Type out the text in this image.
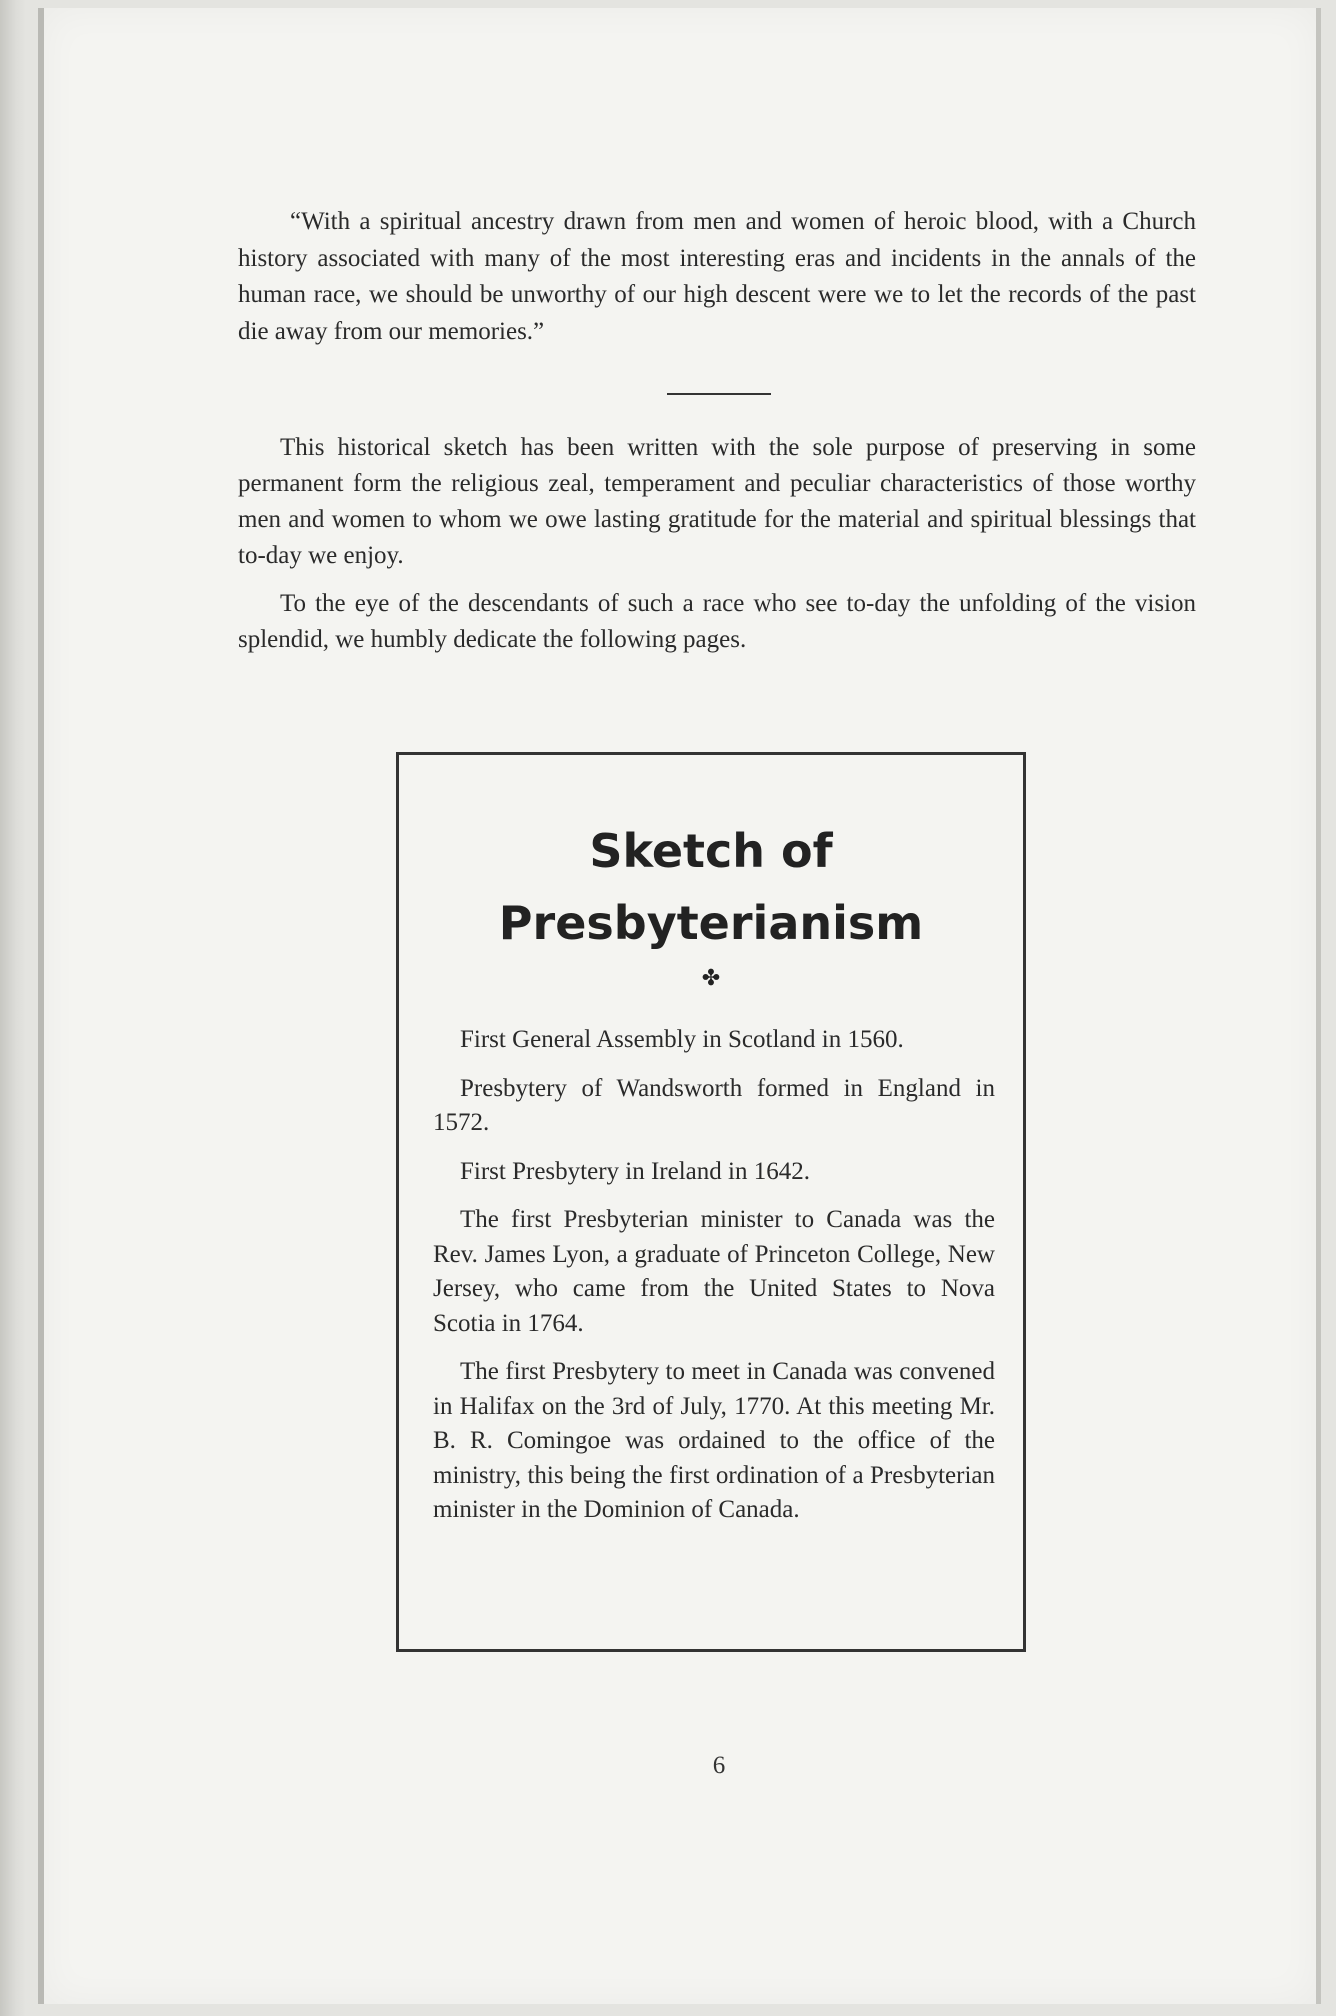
“With a spiritual ancestry drawn from men and women of heroic blood, with a Church history associated with many of the most interesting eras and incidents in the annals of the human race, we should be unworthy of our high descent were we to let the records of the past die away from our memories.”

This historical sketch has been written with the sole purpose of preserving in some permanent form the religious zeal, temperament and peculiar characteristics of those worthy men and women to whom we owe lasting gratitude for the material and spiritual blessings that to-day we enjoy.

To the eye of the descendants of such a race who see to-day the unfolding of the vision splendid, we humbly dedicate the following pages.

Sketch of
Presbyterianism
✤

First General Assembly in Scotland in 1560.

Presbytery of Wandsworth formed in England in 1572.

First Presbytery in Ireland in 1642.

The first Presbyterian minister to Canada was the Rev. James Lyon, a graduate of Princeton College, New Jersey, who came from the United States to Nova Scotia in 1764.

The first Presbytery to meet in Canada was convened in Halifax on the 3rd of July, 1770. At this meeting Mr. B. R. Comingoe was ordained to the office of the ministry, this being the first ordination of a Presbyterian minister in the Dominion of Canada.

6
